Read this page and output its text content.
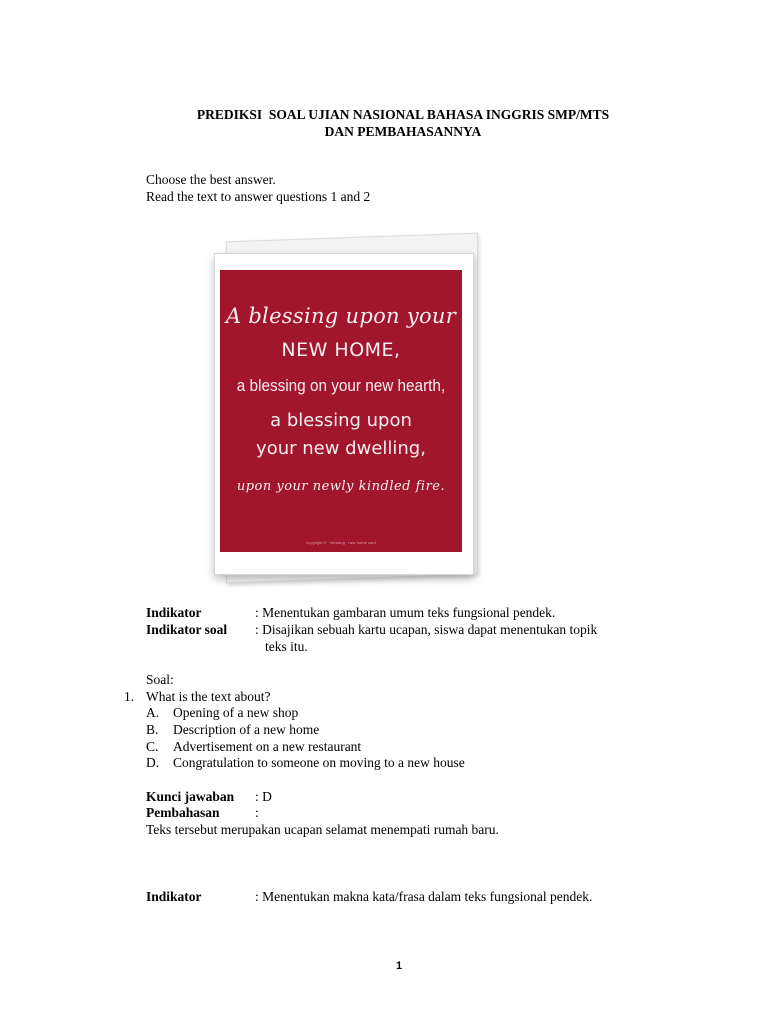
PREDIKSI  SOAL UJIAN NASIONAL BAHASA INGGRIS SMP/MTS
DAN PEMBAHASANNYA
Choose the best answer.
Read the text to answer questions 1 and 2
A blessing upon your
NEW HOME,
a blessing on your new hearth,
a blessing upon
your new dwelling,
upon your newly kindled fire.
copyright © · blessing · new home card
Indikator	: Menentukan gambaran umum teks fungsional pendek.
Indikator soal : Disajikan sebuah kartu ucapan, siswa dapat menentukan topik
teks itu.
Soal:
1. What is the text about?
A. Opening of a new shop
B. Description of a new home
C. Advertisement on a new restaurant
D. Congratulation to someone on moving to a new house
Kunci jawaban : D
Pembahasan	:
Teks tersebut merupakan ucapan selamat menempati rumah baru.
Indikator	: Menentukan makna kata/frasa dalam teks fungsional pendek.
1
